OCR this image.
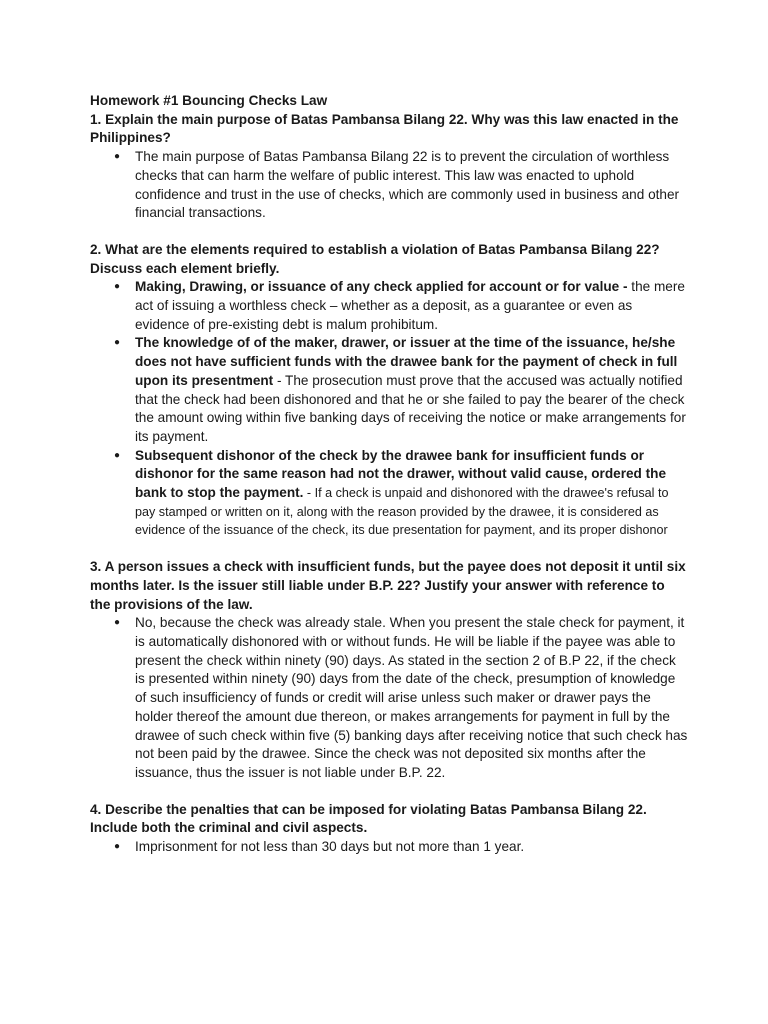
Homework #1 Bouncing Checks Law

1. Explain the main purpose of Batas Pambansa Bilang 22. Why was this law enacted in the Philippines?

● The main purpose of Batas Pambansa Bilang 22 is to prevent the circulation of worthless checks that can harm the welfare of public interest. This law was enacted to uphold confidence and trust in the use of checks, which are commonly used in business and other financial transactions.

2. What are the elements required to establish a violation of Batas Pambansa Bilang 22? Discuss each element briefly.

● Making, Drawing, or issuance of any check applied for account or for value - the mere act of issuing a worthless check – whether as a deposit, as a guarantee or even as evidence of pre-existing debt is malum prohibitum.
● The knowledge of of the maker, drawer, or issuer at the time of the issuance, he/she does not have sufficient funds with the drawee bank for the payment of check in full upon its presentment - The prosecution must prove that the accused was actually notified that the check had been dishonored and that he or she failed to pay the bearer of the check the amount owing within five banking days of receiving the notice or make arrangements for its payment.
● Subsequent dishonor of the check by the drawee bank for insufficient funds or dishonor for the same reason had not the drawer, without valid cause, ordered the bank to stop the payment. - If a check is unpaid and dishonored with the drawee's refusal to pay stamped or written on it, along with the reason provided by the drawee, it is considered as evidence of the issuance of the check, its due presentation for payment, and its proper dishonor

3. A person issues a check with insufficient funds, but the payee does not deposit it until six months later. Is the issuer still liable under B.P. 22? Justify your answer with reference to the provisions of the law.

● No, because the check was already stale. When you present the stale check for payment, it is automatically dishonored with or without funds. He will be liable if the payee was able to present the check within ninety (90) days. As stated in the section 2 of B.P 22, if the check is presented within ninety (90) days from the date of the check, presumption of knowledge of such insufficiency of funds or credit will arise unless such maker or drawer pays the holder thereof the amount due thereon, or makes arrangements for payment in full by the drawee of such check within five (5) banking days after receiving notice that such check has not been paid by the drawee. Since the check was not deposited six months after the issuance, thus the issuer is not liable under B.P. 22.

4. Describe the penalties that can be imposed for violating Batas Pambansa Bilang 22. Include both the criminal and civil aspects.

● Imprisonment for not less than 30 days but not more than 1 year.
